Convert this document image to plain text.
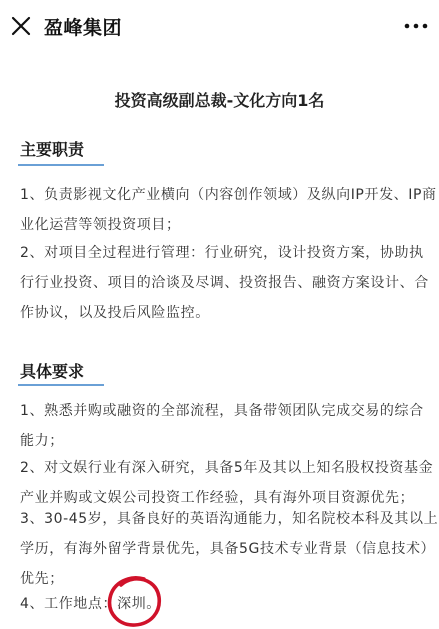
盈峰集团
投资高级副总裁-文化方向1名
主要职责
1、负责影视文化产业横向（内容创作领域）及纵向IP开发、IP商
业化运营等领投资项目；
2、对项目全过程进行管理：行业研究，设计投资方案，协助执
行行业投资、项目的洽谈及尽调、投资报告、融资方案设计、合
作协议，以及投后风险监控。
具体要求
1、熟悉并购或融资的全部流程，具备带领团队完成交易的综合
能力；
2、对文娱行业有深入研究，具备5年及其以上知名股权投资基金
产业并购或文娱公司投资工作经验，具有海外项目资源优先；
3、30-45岁，具备良好的英语沟通能力，知名院校本科及其以上
学历，有海外留学背景优先，具备5G技术专业背景（信息技术）
优先；
4、工作地点：深圳。
